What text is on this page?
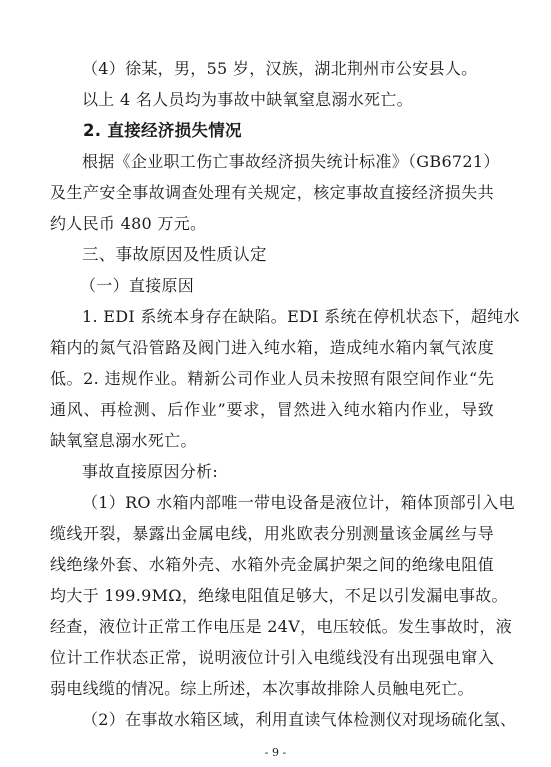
（4）徐某，男，55 岁，汉族，湖北荆州市公安县人。
以上 4 名人员均为事故中缺氧窒息溺水死亡。
2. 直接经济损失情况
根据《企业职工伤亡事故经济损失统计标准》（GB6721）
及生产安全事故调查处理有关规定，核定事故直接经济损失共
约人民币 480 万元。
三、事故原因及性质认定
（一）直接原因
1. EDI 系统本身存在缺陷。EDI 系统在停机状态下，超纯水
箱内的氮气沿管路及阀门进入纯水箱，造成纯水箱内氧气浓度
低。2. 违规作业。精新公司作业人员未按照有限空间作业“先
通风、再检测、后作业”要求，冒然进入纯水箱内作业，导致
缺氧窒息溺水死亡。
事故直接原因分析:
（1）RO 水箱内部唯一带电设备是液位计，箱体顶部引入电
缆线开裂，暴露出金属电线，用兆欧表分别测量该金属丝与导
线绝缘外套、水箱外壳、水箱外壳金属护架之间的绝缘电阻值
均大于 199.9MΩ，绝缘电阻值足够大，不足以引发漏电事故。
经查，液位计正常工作电压是 24V，电压较低。发生事故时，液
位计工作状态正常，说明液位计引入电缆线没有出现强电窜入
弱电线缆的情况。综上所述，本次事故排除人员触电死亡。
（2）在事故水箱区域，利用直读气体检测仪对现场硫化氢、
- 9 -
